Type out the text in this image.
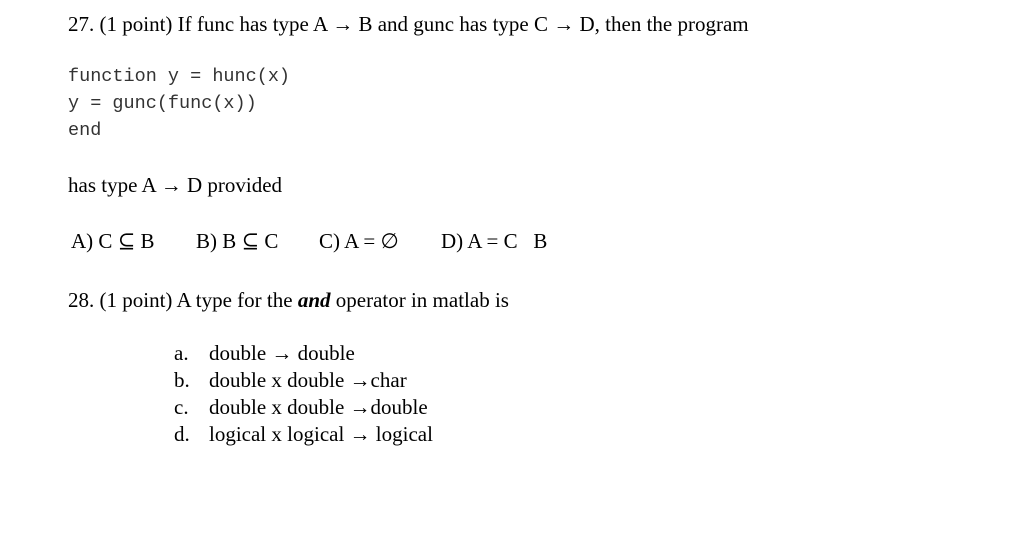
27. (1 point) If func has type A → B and gunc has type C → D, then the program
function y = hunc(x)
y = gunc(func(x))
end
has type A → D provided
A) C ⊆ B B) B ⊆ C C) A = ∅ D) A = C   B
28. (1 point) A type for the and operator in matlab is
a. double → double
b. double x double →char
c. double x double →double
d. logical x logical → logical
